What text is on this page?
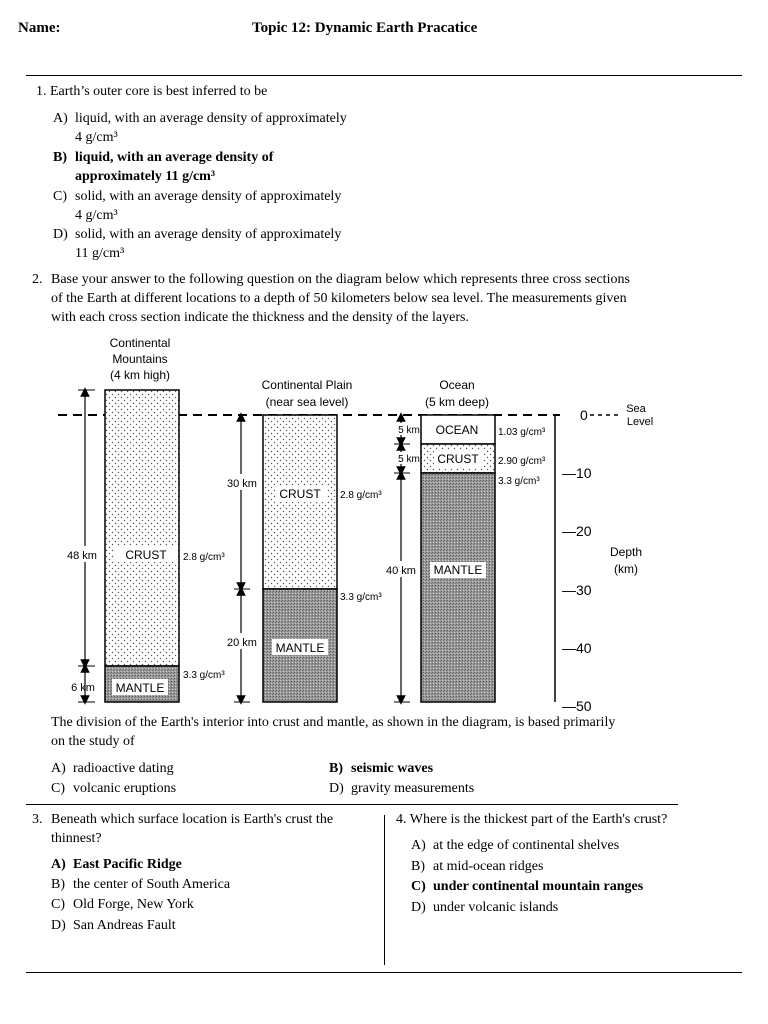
Name:	Topic 12: Dynamic Earth Pracatice
1. Earth’s outer core is best inferred to be
A) liquid, with an average density of approximately
4 g/cm³
B) liquid, with an average density of
approximately 11 g/cm³
C) solid, with an average density of approximately
4 g/cm³
D) solid, with an average density of approximately
11 g/cm³
2. Base your answer to the following question on the diagram below which represents three cross sections
of the Earth at different locations to a depth of 50 kilometers below sea level. The measurements given
with each cross section indicate the thickness and the density of the layers.
Continental
Mountains
(4 km high)
Continental Plain
(near sea level)
Ocean
(5 km deep)
CRUST
MANTLE
2.8 g/cm³
3.3 g/cm³
48 km
6 km
CRUST
MANTLE
2.8 g/cm³
3.3 g/cm³
30 km
20 km
OCEAN
CRUST
MANTLE
1.03 g/cm³
2.90 g/cm³
3.3 g/cm³
5 km
5 km
40 km
Sea
Level
Depth
(km)
0
—10
—20
—30
—40
—50
The division of the Earth's interior into crust and mantle, as shown in the diagram, is based primarily
on the study of
A) radioactive dating	B) seismic waves
C) volcanic eruptions	D) gravity measurements
3. Beneath which surface location is Earth's crust the
thinnest?
A) East Pacific Ridge
B) the center of South America
C) Old Forge, New York
D) San Andreas Fault
4. Where is the thickest part of the Earth's crust?
A) at the edge of continental shelves
B) at mid-ocean ridges
C) under continental mountain ranges
D) under volcanic islands
